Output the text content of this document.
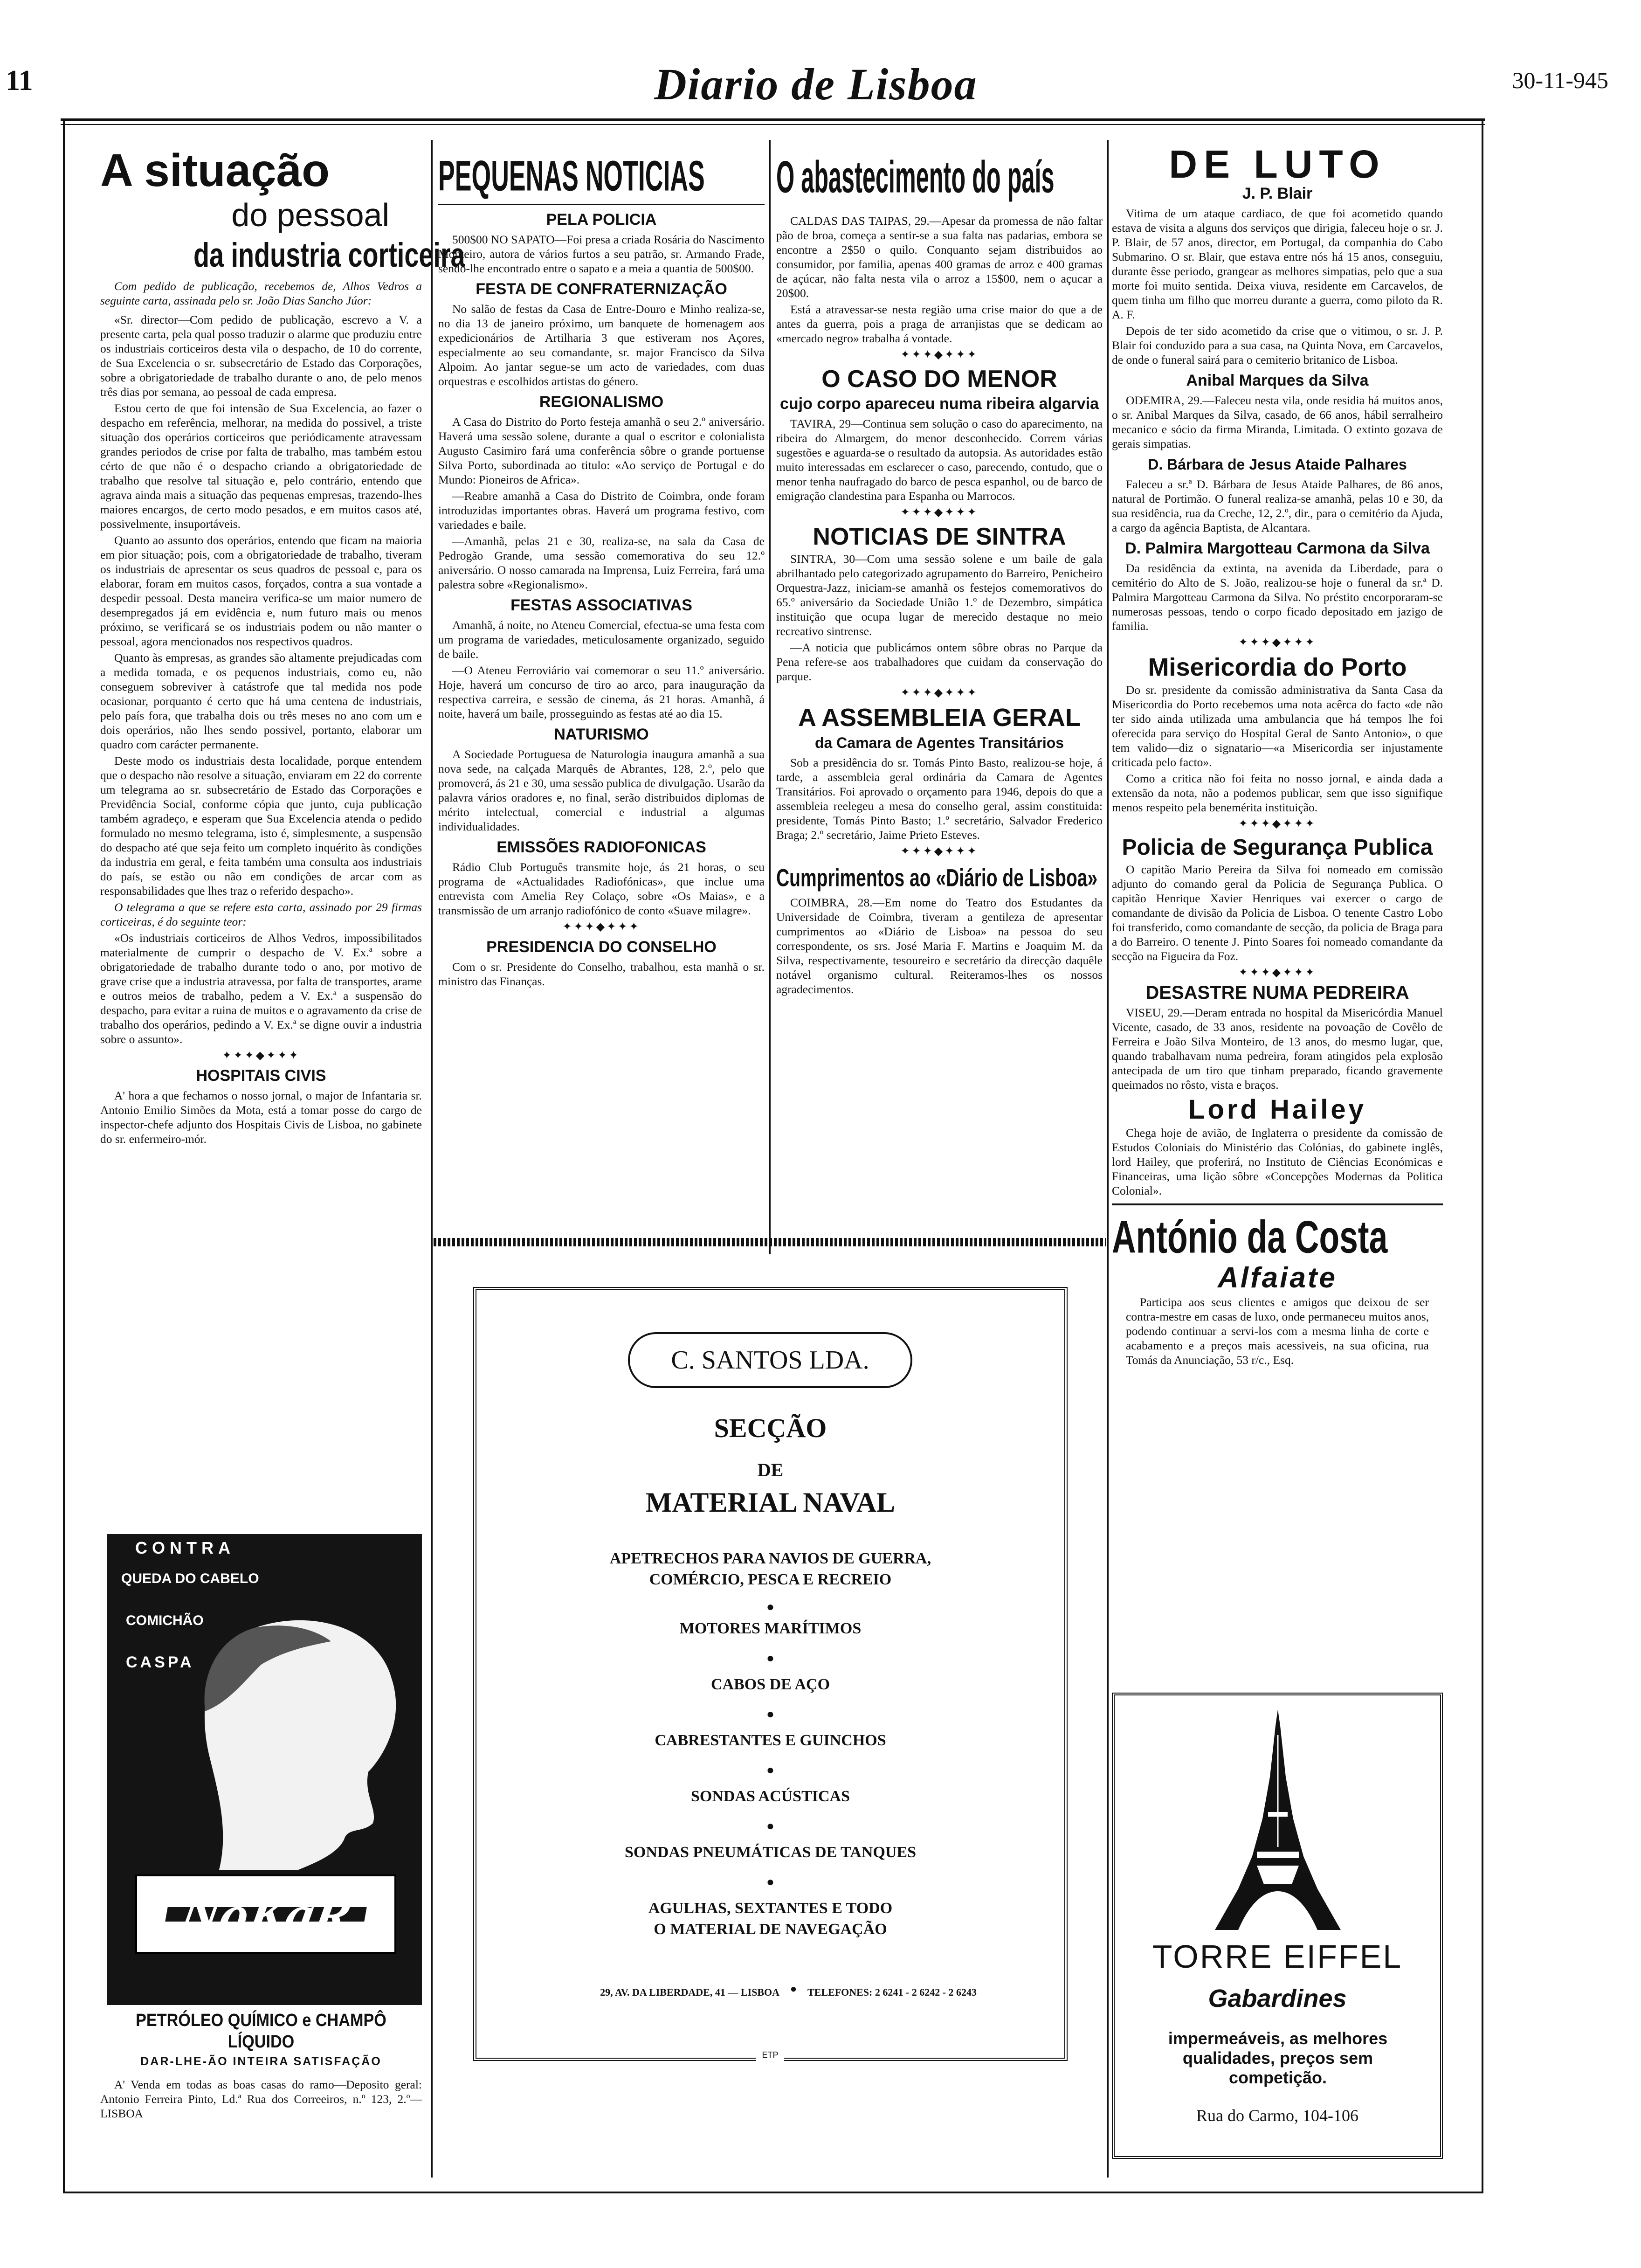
11	Diario de Lisboa	30-11-945
A situação
do pessoal
da industria corticeira
Com pedido de publicação, recebemos de, Alhos Vedros a seguinte carta, assinada pelo sr. João Dias Sancho Júor:

«Sr. director—Com pedido de publicação, escrevo a V. a presente carta, pela qual posso traduzir o alarme que produziu entre os industriais corticeiros desta vila o despacho, de 10 do corrente, de Sua Excelencia o sr. subsecretário de Estado das Corporações, sobre a obrigatoriedade de trabalho durante o ano, de pelo menos três dias por semana, ao pessoal de cada empresa.

Estou certo de que foi intensão de Sua Excelencia, ao fazer o despacho em referência, melhorar, na medida do possivel, a triste situação dos operários corticeiros que periódicamente atravessam grandes periodos de crise por falta de trabalho, mas também estou cérto de que não é o despacho criando a obrigatoriedade de trabalho que resolve tal situação e, pelo contrário, entendo que agrava ainda mais a situação das pequenas empresas, trazendo-lhes maiores encargos, de certo modo pesados, e em muitos casos até, possivelmente, insuportáveis.

Quanto ao assunto dos operários, entendo que ficam na maioria em pior situação; pois, com a obrigatoriedade de trabalho, tiveram os industriais de apresentar os seus quadros de pessoal e, para os elaborar, foram em muitos casos, forçados, contra a sua vontade a despedir pessoal. Desta maneira verifica-se um maior numero de desempregados já em evidência e, num futuro mais ou menos próximo, se verificará se os industriais podem ou não manter o pessoal, agora mencionados nos respectivos quadros.

Quanto às empresas, as grandes são altamente prejudicadas com a medida tomada, e os pequenos industriais, como eu, não conseguem sobreviver à catástrofe que tal medida nos pode ocasionar, porquanto é certo que há uma centena de industriais, pelo país fora, que trabalha dois ou três meses no ano com um e dois operários, não lhes sendo possivel, portanto, elaborar um quadro com carácter permanente.

Deste modo os industriais desta localidade, porque entendem que o despacho não resolve a situação, enviaram em 22 do corrente um telegrama ao sr. subsecretário de Estado das Corporações e Previdência Social, conforme cópia que junto, cuja publicação também agradeço, e esperam que Sua Excelencia atenda o pedido formulado no mesmo telegrama, isto é, simplesmente, a suspensão do despacho até que seja feito um completo inquérito às condições da industria em geral, e feita também uma consulta aos industriais do país, se estão ou não em condições de arcar com as responsabilidades que lhes traz o referido despacho».

O telegrama a que se refere esta carta, assinado por 29 firmas corticeiras, é do seguinte teor:

«Os industriais corticeiros de Alhos Vedros, impossibilitados materialmente de cumprir o despacho de V. Ex.ª sobre a obrigatoriedade de trabalho durante todo o ano, por motivo de grave crise que a industria atravessa, por falta de transportes, arame e outros meios de trabalho, pedem a V. Ex.ª a suspensão do despacho, para evitar a ruina de muitos e o agravamento da crise de trabalho dos operários, pedindo a V. Ex.ª se digne ouvir a industria sobre o assunto».

✦✦✦◆✦✦✦
HOSPITAIS CIVIS

A' hora a que fechamos o nosso jornal, o major de Infantaria sr. Antonio Emilio Simões da Mota, está a tomar posse do cargo de inspector-chefe adjunto dos Hospitais Civis de Lisboa, no gabinete do sr. enfermeiro-mór.

CONTRA
QUEDA DO CABELO
COMICHÃO
CASPA
NoKaR
PETRÓLEO QUÍMICO e CHAMPÔ LÍQUIDO
DAR-LHE-ÃO INTEIRA SATISFAÇÃO

A' Venda em todas as boas casas do ramo—Deposito geral: Antonio Ferreira Pinto, Ld.ª Rua dos Correeiros, n.º 123, 2.º—LISBOA

PEQUENAS NOTICIAS
PELA POLICIA

500$00 NO SAPATO—Foi presa a criada Rosária do Nascimento Monteiro, autora de vários furtos a seu patrão, sr. Armando Frade, sendo-lhe encontrado entre o sapato e a meia a quantia de 500$00.

FESTA DE CONFRATERNIZAÇÃO

No salão de festas da Casa de Entre-Douro e Minho realiza-se, no dia 13 de janeiro próximo, um banquete de homenagem aos expedicionários de Artilharia 3 que estiveram nos Açores, especialmente ao seu comandante, sr. major Francisco da Silva Alpoim. Ao jantar segue-se um acto de variedades, com duas orquestras e escolhidos artistas do género.

REGIONALISMO

A Casa do Distrito do Porto festeja amanhã o seu 2.º aniversário. Haverá uma sessão solene, durante a qual o escritor e colonialista Augusto Casimiro fará uma conferência sôbre o grande portuense Silva Porto, subordinada ao titulo: «Ao serviço de Portugal e do Mundo: Pioneiros de Africa».

—Reabre amanhã a Casa do Distrito de Coimbra, onde foram introduzidas importantes obras. Haverá um programa festivo, com variedades e baile.

—Amanhã, pelas 21 e 30, realiza-se, na sala da Casa de Pedrogão Grande, uma sessão comemorativa do seu 12.º aniversário. O nosso camarada na Imprensa, Luiz Ferreira, fará uma palestra sobre «Regionalismo».

FESTAS ASSOCIATIVAS

Amanhã, á noite, no Ateneu Comercial, efectua-se uma festa com um programa de variedades, meticulosamente organizado, seguido de baile.

—O Ateneu Ferroviário vai comemorar o seu 11.º aniversário. Hoje, haverá um concurso de tiro ao arco, para inauguração da respectiva carreira, e sessão de cinema, ás 21 horas. Amanhã, á noite, haverá um baile, prosseguindo as festas até ao dia 15.

NATURISMO

A Sociedade Portuguesa de Naturologia inaugura amanhã a sua nova sede, na calçada Marquês de Abrantes, 128, 2.º, pelo que promoverá, ás 21 e 30, uma sessão publica de divulgação. Usarão da palavra vários oradores e, no final, serão distribuidos diplomas de mérito intelectual, comercial e industrial a algumas individualidades.

EMISSÕES RADIOFONICAS

Rádio Club Português transmite hoje, ás 21 horas, o seu programa de «Actualidades Radiofónicas», que inclue uma entrevista com Amelia Rey Colaço, sobre «Os Maias», e a transmissão de um arranjo radiofónico de conto «Suave milagre».

✦✦✦◆✦✦✦
PRESIDENCIA DO CONSELHO

Com o sr. Presidente do Conselho, trabalhou, esta manhã o sr. ministro das Finanças.

O abastecimento do país

CALDAS DAS TAIPAS, 29.—Apesar da promessa de não faltar pão de broa, começa a sentir-se a sua falta nas padarias, embora se encontre a 2$50 o quilo. Conquanto sejam distribuidos ao consumidor, por familia, apenas 400 gramas de arroz e 400 gramas de açúcar, não falta nesta vila o arroz a 15$00, nem o açucar a 20$00.

Está a atravessar-se nesta região uma crise maior do que a de antes da guerra, pois a praga de arranjistas que se dedicam ao «mercado negro» trabalha á vontade.

✦✦✦◆✦✦✦
O CASO DO MENOR
cujo corpo apareceu numa ribeira algarvia

TAVIRA, 29—Continua sem solução o caso do aparecimento, na ribeira do Almargem, do menor desconhecido. Correm várias sugestões e aguarda-se o resultado da autopsia. As autoridades estão muito interessadas em esclarecer o caso, parecendo, contudo, que o menor tenha naufragado do barco de pesca espanhol, ou de barco de emigração clandestina para Espanha ou Marrocos.

✦✦✦◆✦✦✦
NOTICIAS DE SINTRA

SINTRA, 30—Com uma sessão solene e um baile de gala abrilhantado pelo categorizado agrupamento do Barreiro, Penicheiro Orquestra-Jazz, iniciam-se amanhã os festejos comemorativos do 65.º aniversário da Sociedade União 1.º de Dezembro, simpática instituição que ocupa lugar de merecido destaque no meio recreativo sintrense.

—A noticia que publicámos ontem sôbre obras no Parque da Pena refere-se aos trabalhadores que cuidam da conservação do parque.

✦✦✦◆✦✦✦
A ASSEMBLEIA GERAL
da Camara de Agentes Transitários

Sob a presidência do sr. Tomás Pinto Basto, realizou-se hoje, á tarde, a assembleia geral ordinária da Camara de Agentes Transitários. Foi aprovado o orçamento para 1946, depois do que a assembleia reelegeu a mesa do conselho geral, assim constituida: presidente, Tomás Pinto Basto; 1.º secretário, Salvador Frederico Braga; 2.º secretário, Jaime Prieto Esteves.

✦✦✦◆✦✦✦
Cumprimentos ao «Diário de Lisboa»

COIMBRA, 28.—Em nome do Teatro dos Estudantes da Universidade de Coimbra, tiveram a gentileza de apresentar cumprimentos ao «Diário de Lisboa» na pessoa do seu correspondente, os srs. José Maria F. Martins e Joaquim M. da Silva, respectivamente, tesoureiro e secretário da direcção daquêle notável organismo cultural. Reiteramos-lhes os nossos agradecimentos.

C. SANTOS LDA.
SECÇÃO
DE
MATERIAL NAVAL
APETRECHOS PARA NAVIOS DE GUERRA,
COMÉRCIO, PESCA E RECREIO
●
MOTORES MARÍTIMOS
●
CABOS DE AÇO
●
CABRESTANTES E GUINCHOS
●
SONDAS ACÚSTICAS
●
SONDAS PNEUMÁTICAS DE TANQUES
●
AGULHAS, SEXTANTES E TODO
O MATERIAL DE NAVEGAÇÃO
29, AV. DA LIBERDADE, 41 — LISBOA ●	TELEFONES: 2 6241 - 2 6242 - 2 6243
ETP
DE LUTO
J. P. Blair

Vitima de um ataque cardiaco, de que foi acometido quando estava de visita a alguns dos serviços que dirigia, faleceu hoje o sr. J. P. Blair, de 57 anos, director, em Portugal, da companhia do Cabo Submarino. O sr. Blair, que estava entre nós há 15 anos, conseguiu, durante êsse periodo, grangear as melhores simpatias, pelo que a sua morte foi muito sentida. Deixa viuva, residente em Carcavelos, de quem tinha um filho que morreu durante a guerra, como piloto da R. A. F.

Depois de ter sido acometido da crise que o vitimou, o sr. J. P. Blair foi conduzido para a sua casa, na Quinta Nova, em Carcavelos, de onde o funeral sairá para o cemiterio britanico de Lisboa.

Anibal Marques da Silva

ODEMIRA, 29.—Faleceu nesta vila, onde residia há muitos anos, o sr. Anibal Marques da Silva, casado, de 66 anos, hábil serralheiro mecanico e sócio da firma Miranda, Limitada. O extinto gozava de gerais simpatias.

D. Bárbara de Jesus Ataide Palhares

Faleceu a sr.ª D. Bárbara de Jesus Ataide Palhares, de 86 anos, natural de Portimão. O funeral realiza-se amanhã, pelas 10 e 30, da sua residência, rua da Creche, 12, 2.º, dir., para o cemitério da Ajuda, a cargo da agência Baptista, de Alcantara.

D. Palmira Margotteau Carmona da Silva

Da residência da extinta, na avenida da Liberdade, para o cemitério do Alto de S. João, realizou-se hoje o funeral da sr.ª D. Palmira Margotteau Carmona da Silva. No préstito encorporaram-se numerosas pessoas, tendo o corpo ficado depositado em jazigo de familia.

✦✦✦◆✦✦✦
Misericordia do Porto

Do sr. presidente da comissão administrativa da Santa Casa da Misericordia do Porto recebemos uma nota acêrca do facto «de não ter sido ainda utilizada uma ambulancia que há tempos lhe foi oferecida para serviço do Hospital Geral de Santo Antonio», o que tem valido—diz o signatario—«a Misericordia ser injustamente criticada pelo facto».

Como a critica não foi feita no nosso jornal, e ainda dada a extensão da nota, não a podemos publicar, sem que isso signifique menos respeito pela benemérita instituição.

✦✦✦◆✦✦✦
Policia de Segurança Publica

O capitão Mario Pereira da Silva foi nomeado em comissão adjunto do comando geral da Policia de Segurança Publica. O capitão Henrique Xavier Henriques vai exercer o cargo de comandante de divisão da Policia de Lisboa. O tenente Castro Lobo foi transferido, como comandante de secção, da policia de Braga para a do Barreiro. O tenente J. Pinto Soares foi nomeado comandante da secção na Figueira da Foz.

✦✦✦◆✦✦✦
DESASTRE NUMA PEDREIRA

VISEU, 29.—Deram entrada no hospital da Misericórdia Manuel Vicente, casado, de 33 anos, residente na povoação de Covêlo de Ferreira e João Silva Monteiro, de 13 anos, do mesmo lugar, que, quando trabalhavam numa pedreira, foram atingidos pela explosão antecipada de um tiro que tinham preparado, ficando gravemente queimados no rôsto, vista e braços.

Lord Hailey

Chega hoje de avião, de Inglaterra o presidente da comissão de Estudos Coloniais do Ministério das Colónias, do gabinete inglês, lord Hailey, que proferirá, no Instituto de Ciências Económicas e Financeiras, uma lição sôbre «Concepções Modernas da Politica Colonial».

António da Costa
Alfaiate

Participa aos seus clientes e amigos que deixou de ser contra-mestre em casas de luxo, onde permaneceu muitos anos, podendo continuar a servi-los com a mesma linha de corte e acabamento e a preços mais acessiveis, na sua oficina, rua Tomás da Anunciação, 53 r/c., Esq.

TORRE EIFFEL
Gabardines
impermeáveis, as melhores qualidades, preços sem competição.
Rua do Carmo, 104-106
